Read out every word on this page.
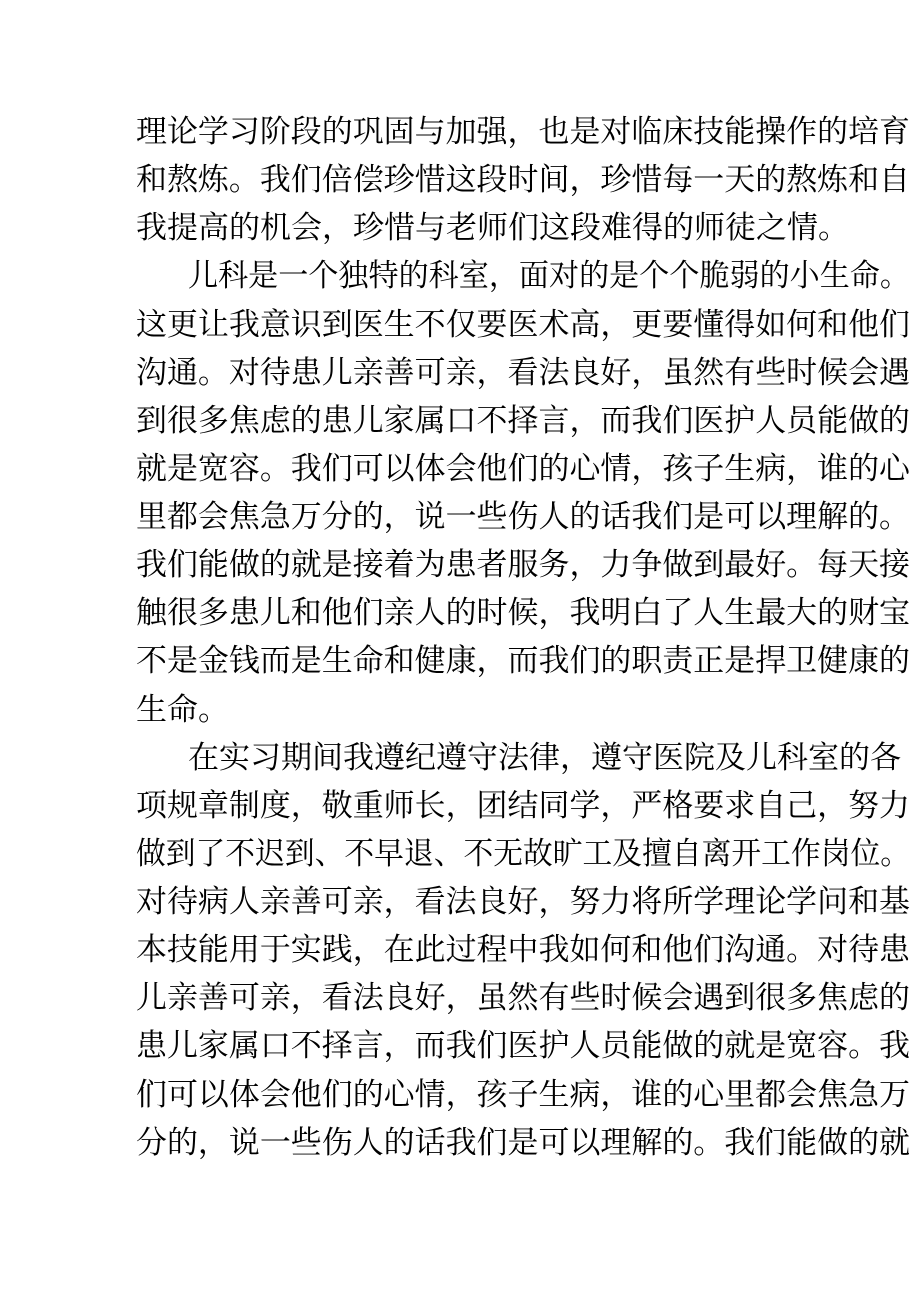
理论学习阶段的巩固与加强，也是对临床技能操作的培育
和熬炼。我们倍偿珍惜这段时间，珍惜每一天的熬炼和自
我提高的机会，珍惜与老师们这段难得的师徒之情。
儿科是一个独特的科室，面对的是个个脆弱的小生命。
这更让我意识到医生不仅要医术高，更要懂得如何和他们
沟通。对待患儿亲善可亲，看法良好，虽然有些时候会遇
到很多焦虑的患儿家属口不择言，而我们医护人员能做的
就是宽容。我们可以体会他们的心情，孩子生病，谁的心
里都会焦急万分的，说一些伤人的话我们是可以理解的。
我们能做的就是接着为患者服务，力争做到最好。每天接
触很多患儿和他们亲人的时候，我明白了人生最大的财宝
不是金钱而是生命和健康，而我们的职责正是捍卫健康的
生命。
在实习期间我遵纪遵守法律，遵守医院及儿科室的各
项规章制度，敬重师长，团结同学，严格要求自己，努力
做到了不迟到、不早退、不无故旷工及擅自离开工作岗位。
对待病人亲善可亲，看法良好，努力将所学理论学问和基
本技能用于实践，在此过程中我如何和他们沟通。对待患
儿亲善可亲，看法良好，虽然有些时候会遇到很多焦虑的
患儿家属口不择言，而我们医护人员能做的就是宽容。我
们可以体会他们的心情，孩子生病，谁的心里都会焦急万
分的，说一些伤人的话我们是可以理解的。我们能做的就
